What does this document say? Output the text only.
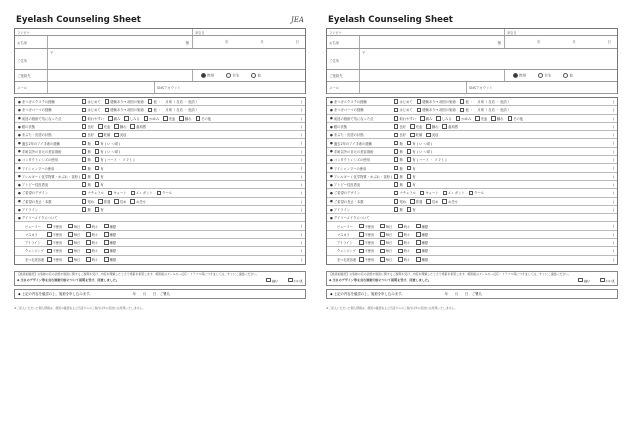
Eyelash Counseling Sheet	JEA
フリガナ	来店日
お名前	様	年	月	日
ご住所
〒
ご連絡先	携帯	自宅	他
メール	SNSアカウント
● まつげエクステの経験	はじめて	経験あり→ 前回の施術	他 ・ 　月頃（ 自店 ・ 他店 ）	)
● まつげパーマの経験	はじめて	経験あり→ 前回の施術	他 ・ 　月頃（ 自店 ・ 他店 ）	)
● 前回の施術で気になった点	取れやすい	痛み	しみる	かゆみ	充血	腫れ	その他	)
● 眼の状態	良好	充血	腫れ	違和感	)
● まぶた・皮膚の状態	良好	乾燥	炎症	)
● 過去2年のアイ手術の経験	無	有 ( い つ頃 )	)
● 手術以外の目元の美容施術	無	有 ( い つ頃 )	)
● コンタクトレンズの使用	無	有 ( ハード ・ ソフト )	)
● アイシャンプーの使用	無	有	)
● アレルギー ( 化学物質・かぶれ・花粉 )	無	有	)
● アトピー性皮膚炎	無	有	)
● ご希望のデザイン	ナチュラル	キュート	エレガント	クール	)
● ご希望の長さ・本数	短め	普通	長め	お任せ	)
● アイライン	無	有	)
● デイリーメイクについて
ビューラー	不使用	毎日	時々	種類	)
マスカラ	不使用	毎日	時々	種類	)
アイライン	不使用	毎日	時々	種類	)
クレンジング	不使用	毎日	時々	種類	)
まつ毛美容液	不使用	毎日	時々	種類	)
【施術前確認】お客様の目の状態や施術に関するご説明を受け、内容を理解したうえで施術を希望します。施術後のアレルギー反応・トラブル等につきましては、すぐにご連絡ください。
◆ 当日のデザイン等を含む施術内容について説明を受け、同意しました。	はい	いいえ
◆ 上記の内容を確認の上、施術を申し込みます。	年　　月　　日　ご署名
※ご記入いただいた個人情報は、施術の確認および当店からのご案内以外の目的には使用いたしません。
Eyelash Counseling Sheet
フリガナ	来店日
お名前	様	年	月	日
ご住所
〒
ご連絡先	携帯	自宅	他
メール	SNSアカウント
● まつげエクステの経験	はじめて	経験あり→ 前回の施術	他 ・ 　月頃（ 自店 ・ 他店 ）	)
● まつげパーマの経験	はじめて	経験あり→ 前回の施術	他 ・ 　月頃（ 自店 ・ 他店 ）	)
● 前回の施術で気になった点	取れやすい	痛み	しみる	かゆみ	充血	腫れ	その他	)
● 眼の状態	良好	充血	腫れ	違和感	)
● まぶた・皮膚の状態	良好	乾燥	炎症	)
● 過去2年のアイ手術の経験	無	有 ( い つ頃 )	)
● 手術以外の目元の美容施術	無	有 ( い つ頃 )	)
● コンタクトレンズの使用	無	有 ( ハード ・ ソフト )	)
● アイシャンプーの使用	無	有	)
● アレルギー ( 化学物質・かぶれ・花粉 )	無	有	)
● アトピー性皮膚炎	無	有	)
● ご希望のデザイン	ナチュラル	キュート	エレガント	クール	)
● ご希望の長さ・本数	短め	普通	長め	お任せ	)
● アイライン	無	有	)
● デイリーメイクについて
ビューラー	不使用	毎日	時々	種類	)
マスカラ	不使用	毎日	時々	種類	)
アイライン	不使用	毎日	時々	種類	)
クレンジング	不使用	毎日	時々	種類	)
まつ毛美容液	不使用	毎日	時々	種類	)
【施術前確認】お客様の目の状態や施術に関するご説明を受け、内容を理解したうえで施術を希望します。施術後のアレルギー反応・トラブル等につきましては、すぐにご連絡ください。
◆ 当日のデザイン等を含む施術内容について説明を受け、同意しました。	はい	いいえ
◆ 上記の内容を確認の上、施術を申し込みます。	年　　月　　日　ご署名
※ご記入いただいた個人情報は、施術の確認および当店からのご案内以外の目的には使用いたしません。
